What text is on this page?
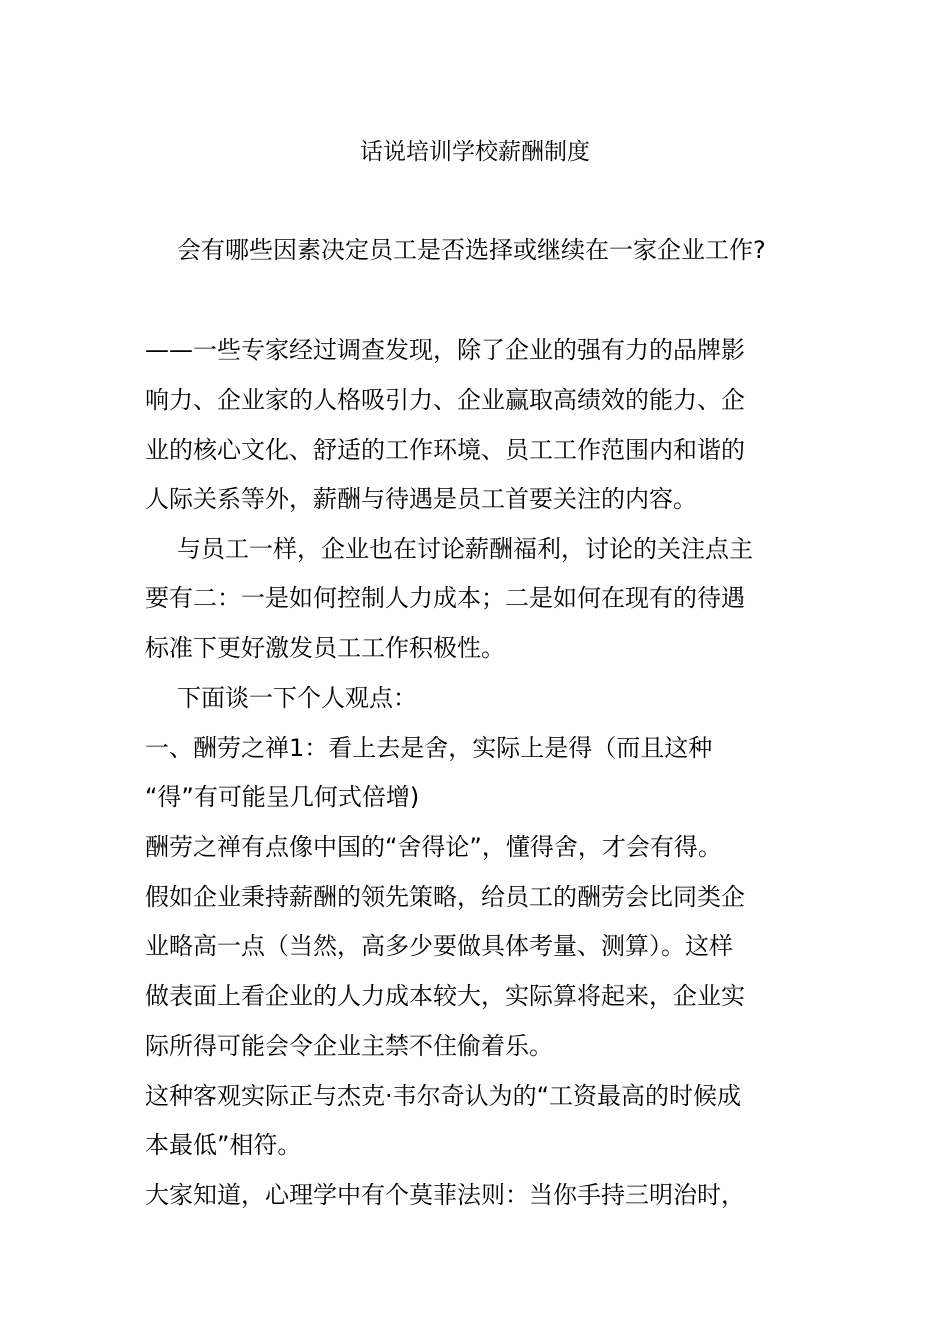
话说培训学校薪酬制度
会有哪些因素决定员工是否选择或继续在一家企业工作?
——一些专家经过调查发现，除了企业的强有力的品牌影
响力、企业家的人格吸引力、企业赢取高绩效的能力、企
业的核心文化、舒适的工作环境、员工工作范围内和谐的
人际关系等外，薪酬与待遇是员工首要关注的内容。
与员工一样，企业也在讨论薪酬福利，讨论的关注点主
要有二：一是如何控制人力成本；二是如何在现有的待遇
标准下更好激发员工工作积极性。
下面谈一下个人观点：
一、酬劳之禅1：看上去是舍，实际上是得（而且这种
“得”有可能呈几何式倍增)
酬劳之禅有点像中国的“舍得论”，懂得舍，才会有得。
假如企业秉持薪酬的领先策略，给员工的酬劳会比同类企
业略高一点（当然，高多少要做具体考量、测算）。这样
做表面上看企业的人力成本较大，实际算将起来，企业实
际所得可能会令企业主禁不住偷着乐。
这种客观实际正与杰克·韦尔奇认为的“工资最高的时候成
本最低”相符。
大家知道，心理学中有个莫菲法则：当你手持三明治时，
